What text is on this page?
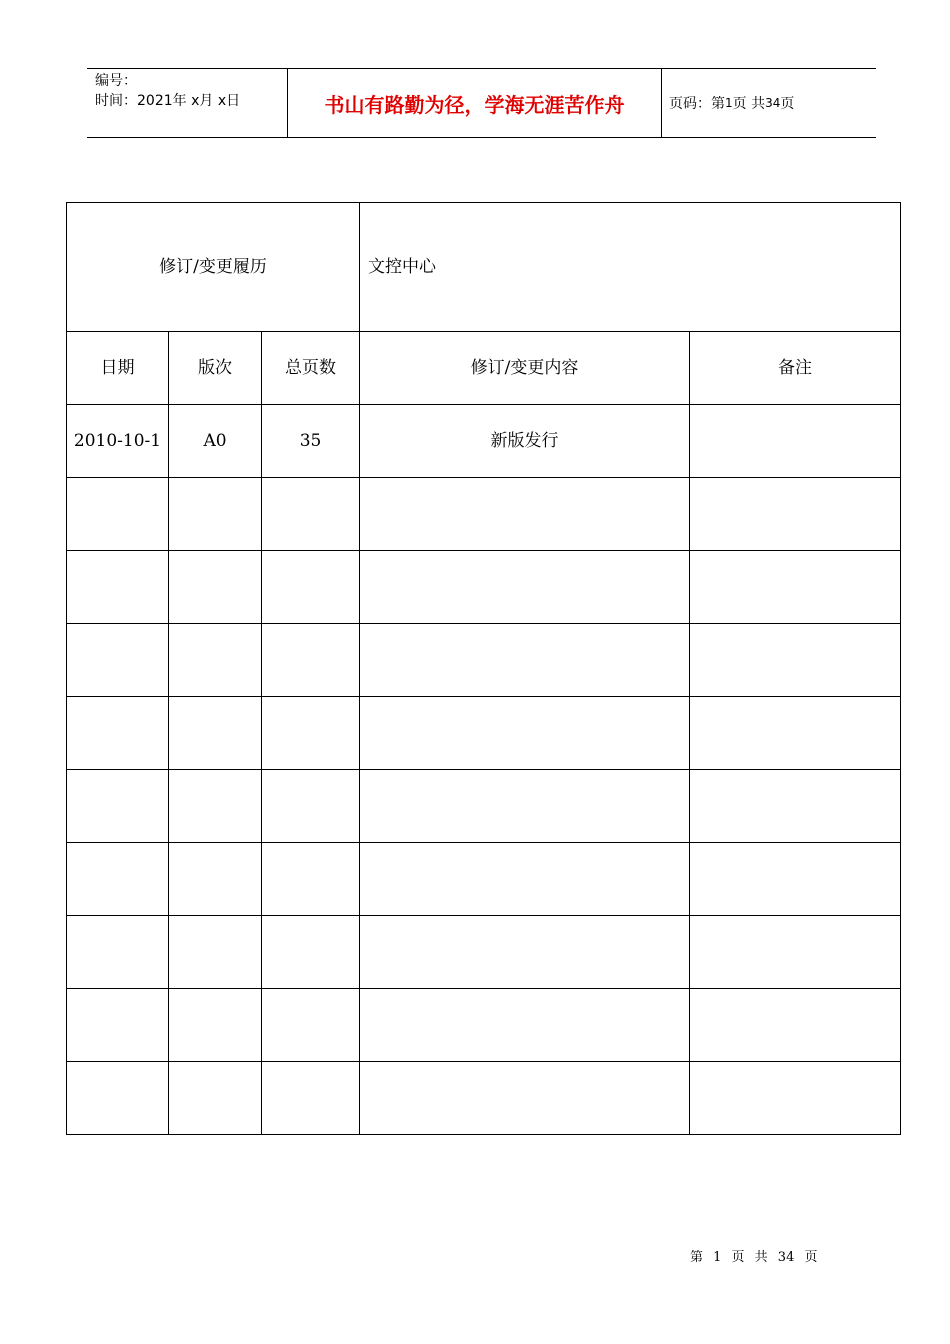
编号：
时间：2021年 x月 x日	书山有路勤为径，学海无涯苦作舟	页码：第 1 页 共 34 页
修订/变更履历			文控中心	
日期	版次	总页数	修订/变更内容	备注
2010-10-1	A0	35	新版发行	

第 1 页 共 34 页
